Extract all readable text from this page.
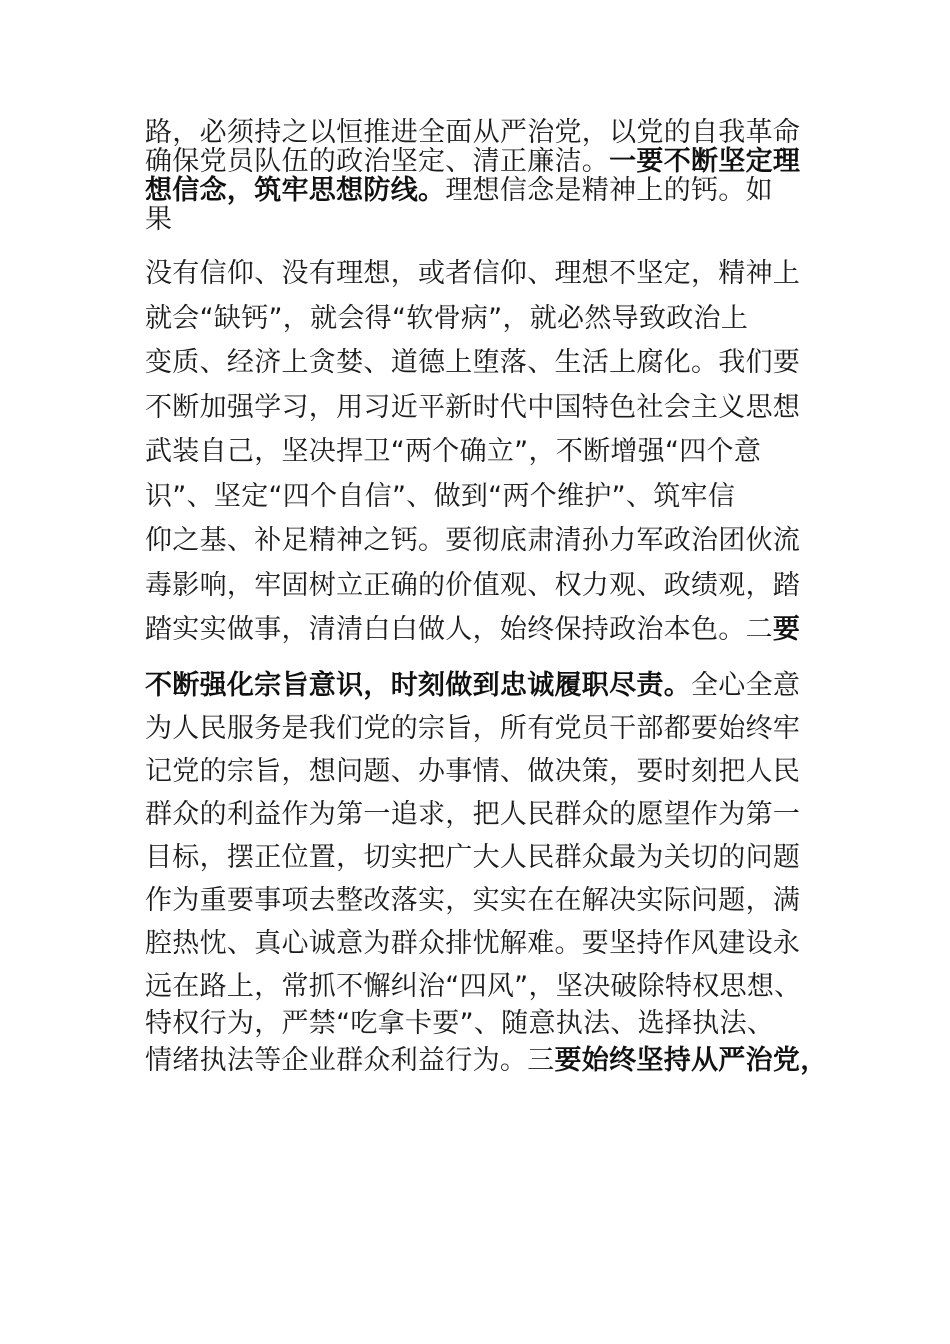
路，必须持之以恒推进全面从严治党，以党的自我革命
确保党员队伍的政治坚定、清正廉洁。一要不断坚定理
想信念，筑牢思想防线。理想信念是精神上的钙。如
果
没有信仰、没有理想，或者信仰、理想不坚定，精神上
就会“缺钙”，就会得“软骨病”，就必然导致政治上
变质、经济上贪婪、道德上堕落、生活上腐化。我们要
不断加强学习，用习近平新时代中国特色社会主义思想
武装自己，坚决捍卫“两个确立”，不断增强“四个意
识”、坚定“四个自信”、做到“两个维护”、筑牢信
仰之基、补足精神之钙。要彻底肃清孙力军政治团伙流
毒影响，牢固树立正确的价值观、权力观、政绩观，踏
踏实实做事，清清白白做人，始终保持政治本色。二要
不断强化宗旨意识，时刻做到忠诚履职尽责。全心全意
为人民服务是我们党的宗旨，所有党员干部都要始终牢
记党的宗旨，想问题、办事情、做决策，要时刻把人民
群众的利益作为第一追求，把人民群众的愿望作为第一
目标，摆正位置，切实把广大人民群众最为关切的问题
作为重要事项去整改落实，实实在在解决实际问题，满
腔热忱、真心诚意为群众排忧解难。要坚持作风建设永
远在路上，常抓不懈纠治“四风”，坚决破除特权思想、
特权行为，严禁“吃拿卡要”、随意执法、选择执法、
情绪执法等企业群众利益行为。三要始终坚持从严治党，
